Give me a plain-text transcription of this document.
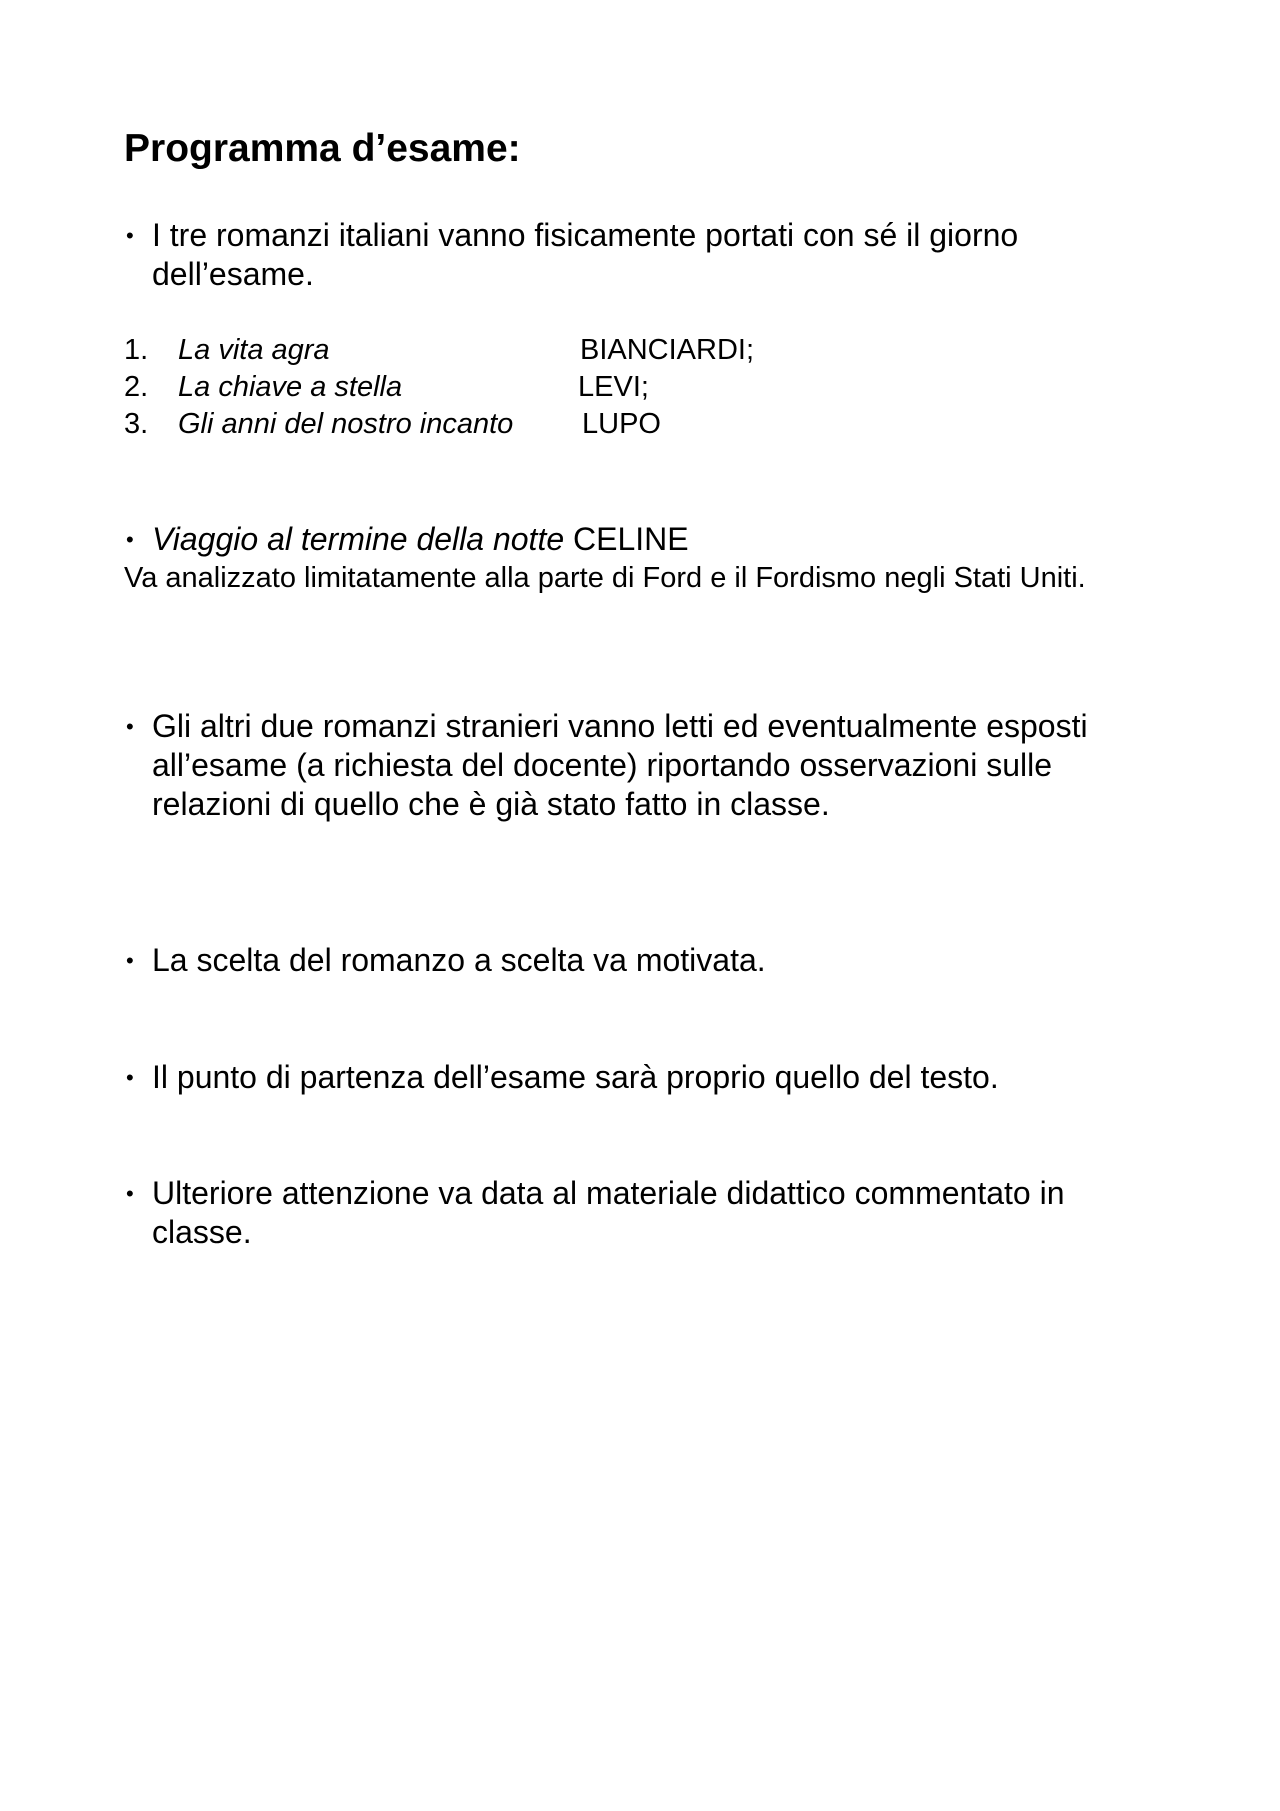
Programma d’esame:
• I tre romanzi italiani vanno fisicamente portati con sé il giorno dell’esame.
1. La vita agra	BIANCIARDI;
2. La chiave a stella	LEVI;
3. Gli anni del nostro incanto LUPO
• Viaggio al termine della notte CELINE

Va analizzato limitatamente alla parte di Ford e il Fordismo negli Stati Uniti.

• Gli altri due romanzi stranieri vanno letti ed eventualmente esposti all’esame (a richiesta del docente) riportando osservazioni sulle relazioni di quello che è già stato fatto in classe.
• La scelta del romanzo a scelta va motivata.
• Il punto di partenza dell’esame sarà proprio quello del testo.
• Ulteriore attenzione va data al materiale didattico commentato in classe.
